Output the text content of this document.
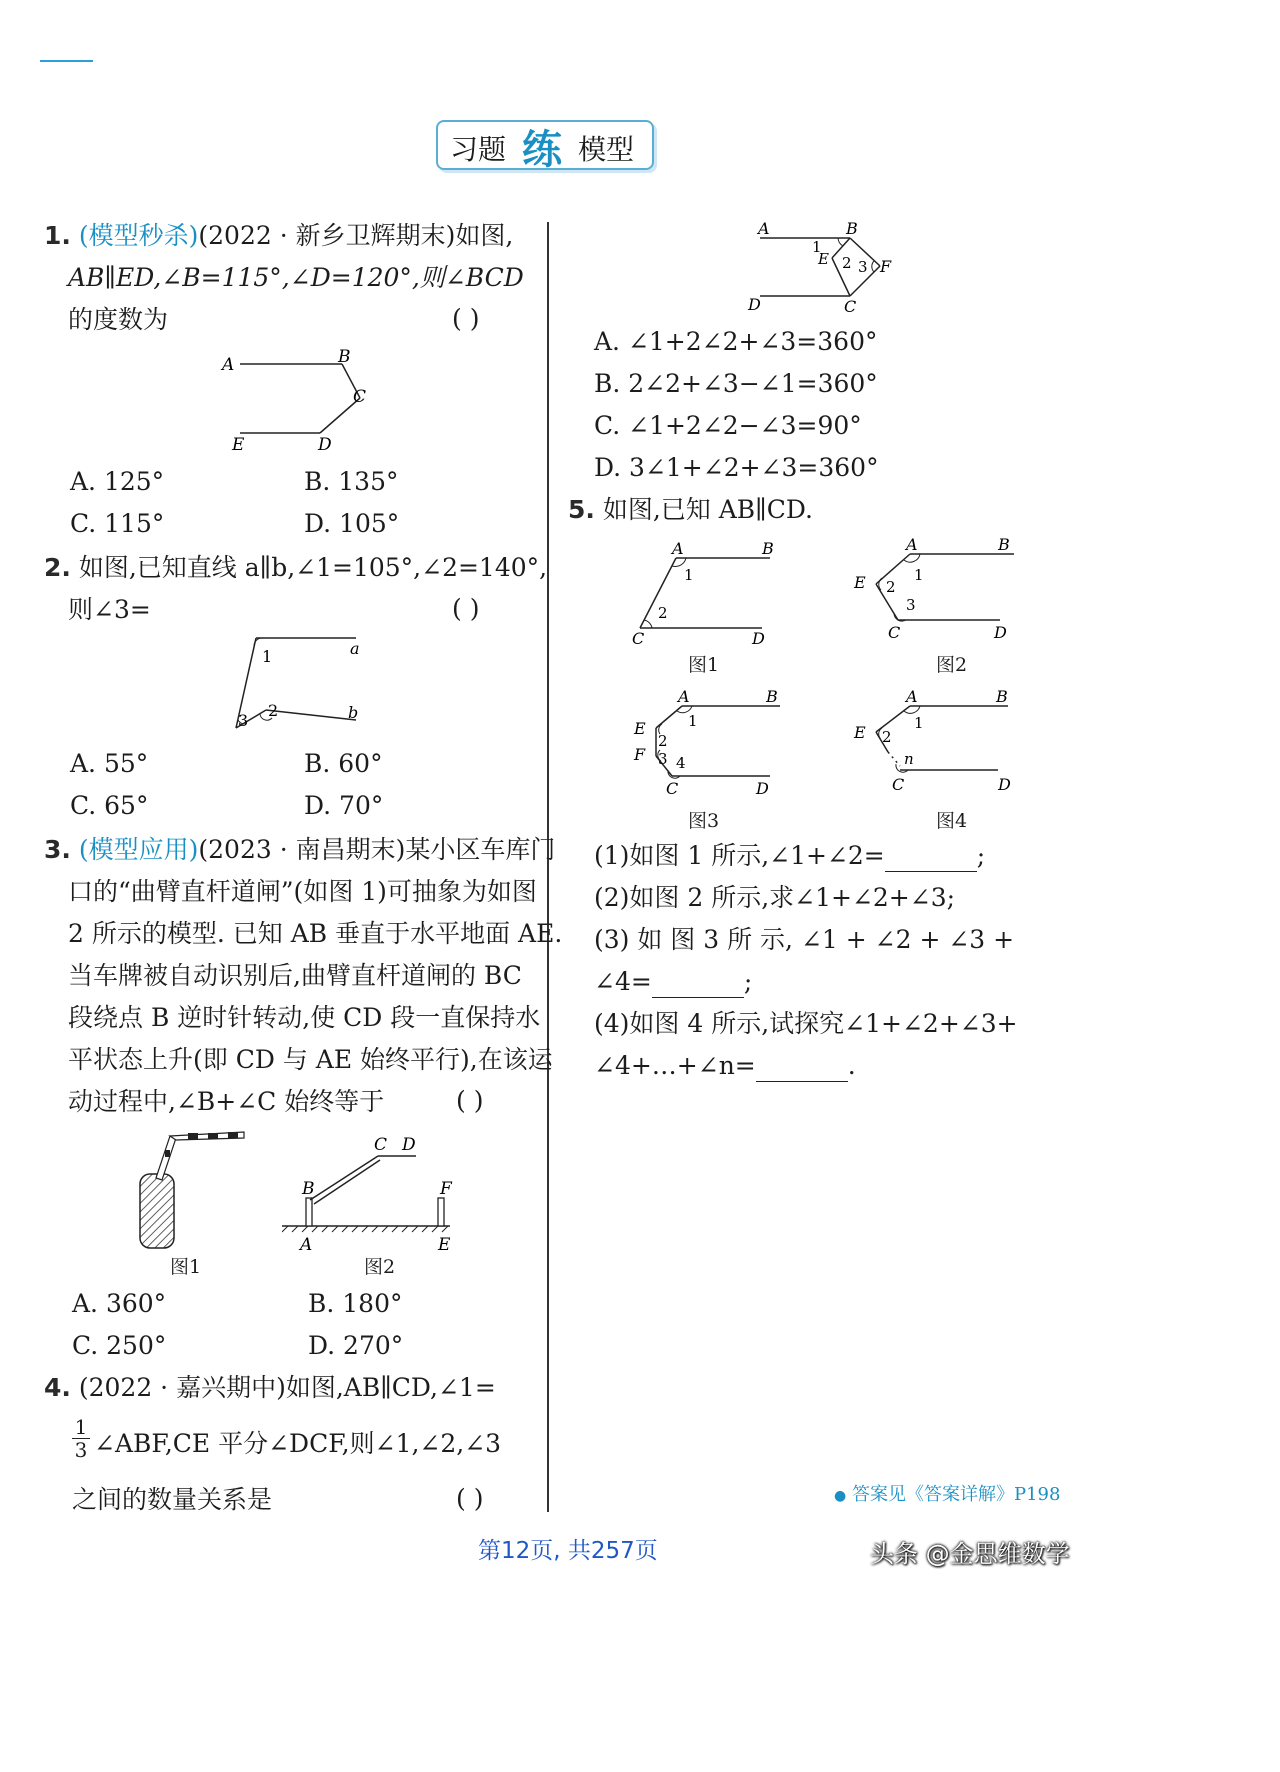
习题 练 模型
1. (模型秒杀)(2022 · 新乡卫辉期末)如图,
AB∥ED,∠B=115°,∠D=120°,则∠BCD
的度数为	( )
A	B
C
E	D
A. 125°	B. 135°
C. 115°	D. 105°
2. 如图,已知直线 a∥b,∠1=105°,∠2=140°,
则∠3=	( )
1	a
3
2	b
A. 55°	B. 60°
C. 65°	D. 70°
3. (模型应用)(2023 · 南昌期末)某小区车库门
口的“曲臂直杆道闸”(如图 1)可抽象为如图
2 所示的模型. 已知 AB 垂直于水平地面 AE.
当车牌被自动识别后,曲臂直杆道闸的 BC
段绕点 B 逆时针转动,使 CD 段一直保持水
平状态上升(即 CD 与 AE 始终平行),在该运
动过程中,∠B+∠C 始终等于	( )
图1
C D
B	F
A	E
图2
A. 360°	B. 180°
C. 250°	D. 270°
4. (2022 · 嘉兴期中)如图,AB∥CD,∠1=
$\frac{1}{3}$ ∠ABF,CE 平分∠DCF,则∠1,∠2,∠3
之间的数量关系是	( )
A	B
1
E 2 3 F
D	C
A. ∠1+2∠2+∠3=360°
B. 2∠2+∠3−∠1=360°
C. ∠1+2∠2−∠3=90°
D. 3∠1+∠2+∠3=360°
5. 如图,已知 AB∥CD.
A	B
1
2
C	D
图1
A	B
E	1
2
3
C	D
图2
A	B
E	1
2
F 3 4
C	D
图3
A	B
E	1
2
n
C	D
图4
(1)如图 1 所示,∠1+∠2=	;
(2)如图 2 所示,求∠1+∠2+∠3;
(3) 如 图 3 所 示, ∠1 + ∠2 + ∠3 +
∠4=	;
(4)如图 4 所示,试探究∠1+∠2+∠3+
∠4+…+∠n=	.
● 答案见《答案详解》P198
第12页, 共257页	头条 @金思维数学
